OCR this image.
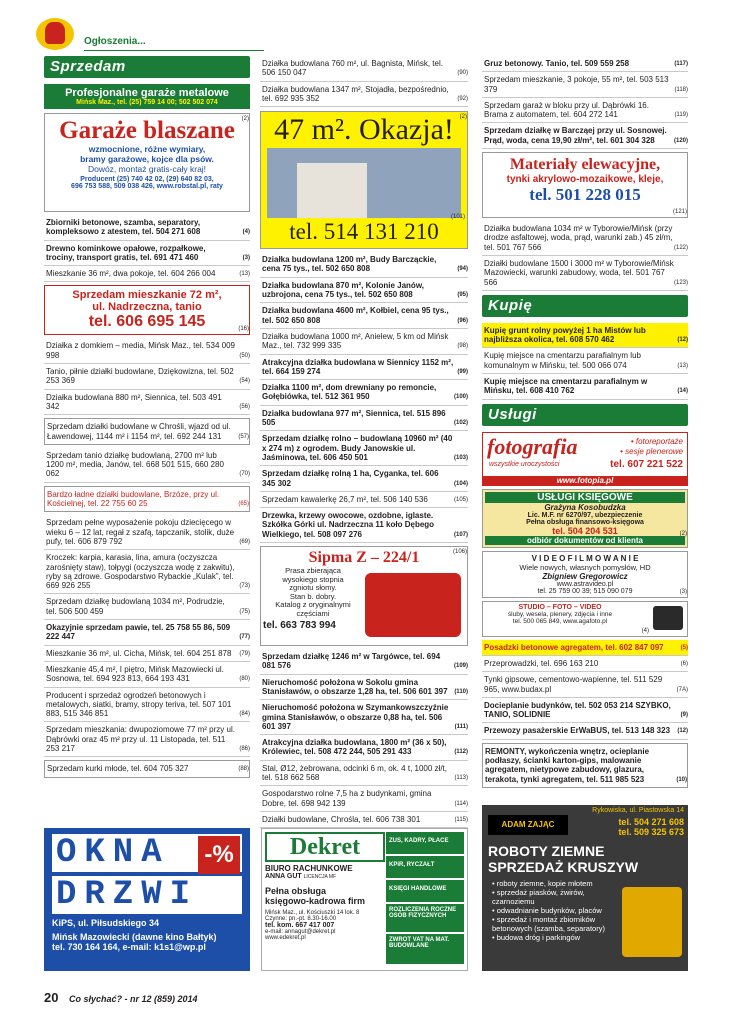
Ogłoszenia...
Sprzedam
Profesjonalne garaże metalowe
Mińsk Maz., tel. (25) 759 14 00; 502 502 074
(2)
Garaże blaszane
wzmocnione, różne wymiary,
bramy garażowe, kojce dla psów.
Dowóz, montaż gratis-cały kraj!
Producent (25) 740 42 02, (29) 640 82 03,
696 753 588, 509 038 426, www.robstal.pl, raty
Zbiorniki betonowe, szamba, separatory, kompleksowo z atestem, tel. 504 271 608	(4)
Drewno kominkowe opałowe, rozpałkowe, trociny, transport gratis, tel. 691 471 460	(3)
Mieszkanie 36 m², dwa pokoje, tel. 604 266 004	(13)
Sprzedam mieszkanie 72 m²,
ul. Nadrzeczna, tanio
tel. 606 695 145	(16)
Działka z domkiem – media, Mińsk Maz., tel. 534 009 998	(50)
Tanio, piłnie działki budowlane, Dziękowizna, tel. 502 253 369	(54)
Działka budowlana 880 m², Siennica, tel. 503 491 342	(56)
Sprzedam działki budowlane w Chrośli, wjazd od ul. Ławendowej, 1144 m² i 1154 m², tel. 692 244 131	(57)
Sprzedam tanio działkę budowlaną, 2700 m² lub 1200 m², media, Janów, tel. 668 501 515, 660 280 062	(70)
Bardzo ładne działki budowlane, Brzóze, przy ul. Kościelnej, tel. 22 755 60 25	(65)
Sprzedam pełne wyposażenie pokoju dziecięcego w wieku 6 – 12 lat, regał z szafą, tapczanik, stolik, duże pufy, tel. 606 879 792	(69)
Kroczek: karpia, karasia, lina, amura (oczyszcza zarośnięty staw), tołpygi (oczyszcza wodę z zakwitu), ryby są zdrowe. Gospodarstwo Rybackie „Kulak”, tel. 669 926 255	(73)
Sprzedam działkę budowlaną 1034 m², Podrudzie, tel. 506 500 459	(75)
Okazyjnie sprzedam pawie, tel. 25 758 55 86, 509 222 447	(77)
Mieszkanie 36 m², ul. Cicha, Mińsk, tel. 604 251 878 (79)
Mieszkanie 45,4 m², I piętro, Mińsk Mazowiecki ul. Sosnowa, tel. 694 923 813, 664 193 431	(80)
Producent i sprzedaż ogrodzeń betonowych i metalowych, siatki, bramy, stropy teriva, tel. 507 101 883, 515 346 851	(84)
Sprzedam mieszkania: dwupoziomowe 77 m² przy ul. Dąbrówki oraz 45 m² przy ul. 11 Listopada, tel. 511 253 217	(86)
Sprzedam kurki młode, tel. 604 705 327	(88)
OKNA
DRZWI
-%
KiPS, ul. Piłsudskiego 34
Mińsk Mazowiecki (dawne kino Bałtyk)
tel. 730 164 164, e-mail: k1s1@wp.pl
Działka budowlana 760 m², ul. Bagnista, Mińsk, tel. 506 150 047	(90)
Działka budowlana 1347 m², Stojadła, bezpośrednio, tel. 692 935 352	(92)
47 m². Okazja! (2)
tel. 514 131 210
(101)
Działka budowlana 1200 m², Budy Barcząckie, cena 75 tys., tel. 502 650 808	(94)
Działka budowlana 870 m², Kolonie Janów, uzbrojona, cena 75 tys., tel. 502 650 808	(95)
Działka budowlana 4600 m², Kołbiel, cena 95 tys., tel. 502 650 808	(96)
Działka budowlana 1000 m², Anielew, 5 km od Mińsk Maz., tel. 732 999 335	(98)
Atrakcyjna działka budowlana w Siennicy 1152 m², tel. 664 159 274	(99)
Działka 1100 m², dom drewniany po remoncie, Gołębiówka, tel. 512 361 950	(100)
Działka budowlana 977 m², Siennica, tel. 515 896 505	(102)
Sprzedam działkę rolno – budowlaną 10960 m² (40 x 274 m) z ogrodem. Budy Janowskie ul. Jaśminowa, tel. 606 450 501	(103)
Sprzedam działkę rolną 1 ha, Cyganka, tel. 606 345 302	(104)
Sprzedam kawalerkę 26,7 m², tel. 506 140 536	(105)
Drzewka, krzewy owocowe, ozdobne, iglaste. Szkółka Górki ul. Nadrzeczna 11 koło Dębego Wielkiego, tel. 508 097 276	(107)
Sipma Z – 224/1	(106)
Prasa zbierająca
wysokiego stopnia
zgniotu słomy.
Stan b. dobry.
Katalog z oryginalnymi
częściami
tel. 663 783 994
Sprzedam działkę 1246 m² w Targówce, tel. 694 081 576	(109)
Nieruchomość położona w Sokolu gmina Stanisławów, o obszarze 1,28 ha, tel. 506 601 397 (110)
Nieruchomość położona w Szymankowszczyźnie gmina Stanisławów, o obszarze 0,88 ha, tel. 506 601 397	(111)
Atrakcyjna działka budowlana, 1800 m² (36 x 50), Królewiec, tel. 508 472 244, 505 291 433	(112)
Stal, Ø12, żebrowana, odcinki 6 m, ok. 4 t, 1000 zł/t, tel. 518 662 568	(113)
Gospodarstwo rolne 7,5 ha z budynkami, gmina Dobre, tel. 698 942 139	(114)
Działki budowlane, Chrośla, tel. 606 738 301	(115)
Dekret
BIURO RACHUNKOWE
ANNA GUT LICENCJA MF
Pełna obsługa
księgowo-kadrowa firm
Mińsk Maz., ul. Kościuszki 14 lok. 8
Czynne: pn.-pt. 8.30-16.00
tel. kom. 667 417 007
e-mail: annagut@dekret.pl
www.edekret.pl
ZUS, KADRY, PŁACE
KPiR, RYCZAŁT
KSIĘGI HANDLOWE
ROZLICZENIA ROCZNE OSÓB FIZYCZNYCH
ZWROT VAT NA MAT. BUDOWLANE
Gruz betonowy. Tanio, tel. 509 559 258	(117)
Sprzedam mieszkanie, 3 pokoje, 55 m², tel. 503 513 379	(118)
Sprzedam garaż w bloku przy ul. Dąbrówki 16. Brama z automatem, tel. 604 272 141	(119)
Sprzedam działkę w Barcząej przy ul. Sosnowej. Prąd, woda, cena 19,90 zł/m², tel. 601 304 328	(120)
Materiały elewacyjne,
tynki akrylowo-mozaikowe, kleje,
tel. 501 228 015
(121)
Działka budowlana 1034 m² w Tyborowie/Mińsk (przy drodze asfaltowej, woda, prąd, warunki zab.) 45 zł/m, tel. 501 767 566	(122)
Działki budowlane 1500 i 3000 m² w Tyborowie/Mińsk Mazowiecki, warunki zabudowy, woda, tel. 501 767 566	(123)
Kupię
Kupię grunt rolny powyżej 1 ha Mistów lub najbliższa okolica, tel. 608 570 462	(12)
Kupię miejsce na cmentarzu parafialnym lub komunalnym w Mińsku, tel. 500 066 074	(13)
Kupię miejsce na cmentarzu parafialnym w Mińsku, tel. 608 410 762	(14)
Usługi
fotografia	• fotoreportaże
• sesje plenerowe
wszystkie uroczystości	tel. 607 221 522
www.fotopia.pl
USŁUGI KSIĘGOWE
Grażyna Kosobudzka
Lic. M.F. nr 6270/97, ubezpieczenie
Pełna obsługa finansowo-księgowa
tel. 504 204 531
odbiór dokumentów od klienta
(2)
V I D E O F I L M O W A N I E
Wiele nowych, własnych pomysłów, HD
Zbigniew Gregorowicz
www.astravideo.pl
tel. 25 759 00 39; 515 090 079	(3)
STUDIO – FOTO – VIDEO
śluby, wesela, plenery, zdjęcia i inne
tel. 500 065 849, www.agafoto.pl
(4)
Posadzki betonowe agregatem, tel. 602 847 097	(5)
Przeprowadzki, tel. 696 163 210	(6)
Tynki gipsowe, cementowo-wapienne, tel. 511 529 965, www.budax.pl	(7A)
Docieplanie budynków, tel. 502 053 214 SZYBKO, TANIO, SOLIDNIE	(9)
Przewozy pasażerskie ErWaBUS, tel. 513 148 323 (12)
REMONTY, wykończenia wnętrz, ocieplanie podłaszy, ścianki karton-gips, malowanie agregatem, nietypowe zabudowy, glazura, terakota, tynki agregatem, tel. 511 985 523	(10)
Rykowiska, ul. Piastowska 14
tel. 504 271 608
tel. 509 325 673
ADAM ZAJĄC
ROBOTY ZIEMNE
SPRZEDAŻ KRUSZYW
• roboty ziemne, kopie młotem
• sprzedaż piasków, żwirów, czarnoziemu
• odwadnianie budynków, placów
• sprzedaż i montaż zbiorników betonowych (szamba, separatory)
• budowa dróg i parkingów
20 Co słychać? - nr 12 (859) 2014
